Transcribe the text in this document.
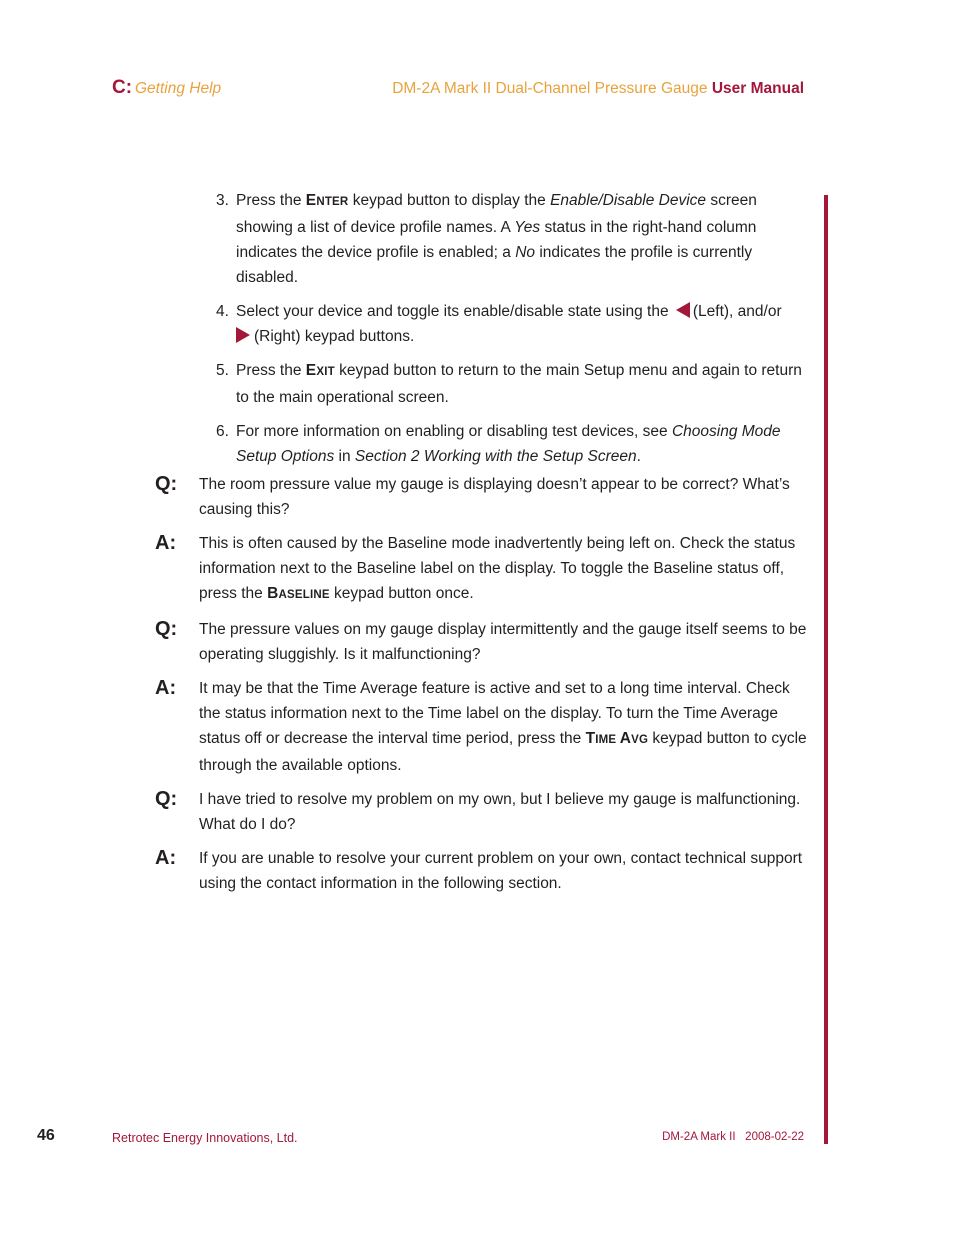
C: Getting Help	DM-2A Mark II Dual-Channel Pressure Gauge User Manual
3. Press the ENTER keypad button to display the Enable/Disable Device screen showing a list of device profile names. A Yes status in the right-hand column indicates the device profile is enabled; a No indicates the profile is currently disabled.
4. Select your device and toggle its enable/disable state using the (Left), and/or
(Right) keypad buttons.
5. Press the EXIT keypad button to return to the main Setup menu and again to return to the main operational screen.
6. For more information on enabling or disabling test devices, see Choosing Mode Setup Options in Section 2 Working with the Setup Screen.
Q:	The room pressure value my gauge is displaying doesn’t appear to be correct? What’s causing this?
A:	This is often caused by the Baseline mode inadvertently being left on. Check the status information next to the Baseline label on the display. To toggle the Baseline status off, press the BASELINE keypad button once.
Q:	The pressure values on my gauge display intermittently and the gauge itself seems to be operating sluggishly. Is it malfunctioning?
A:	It may be that the Time Average feature is active and set to a long time interval. Check the status information next to the Time label on the display. To turn the Time Average status off or decrease the interval time period, press the TIME AVG keypad button to cycle through the available options.
Q:	I have tried to resolve my problem on my own, but I believe my gauge is malfunctioning. What do I do?
A:	If you are unable to resolve your current problem on your own, contact technical support using the contact information in the following section.
46	Retrotec Energy Innovations, Ltd.	DM-2A Mark II 2008-02-22
